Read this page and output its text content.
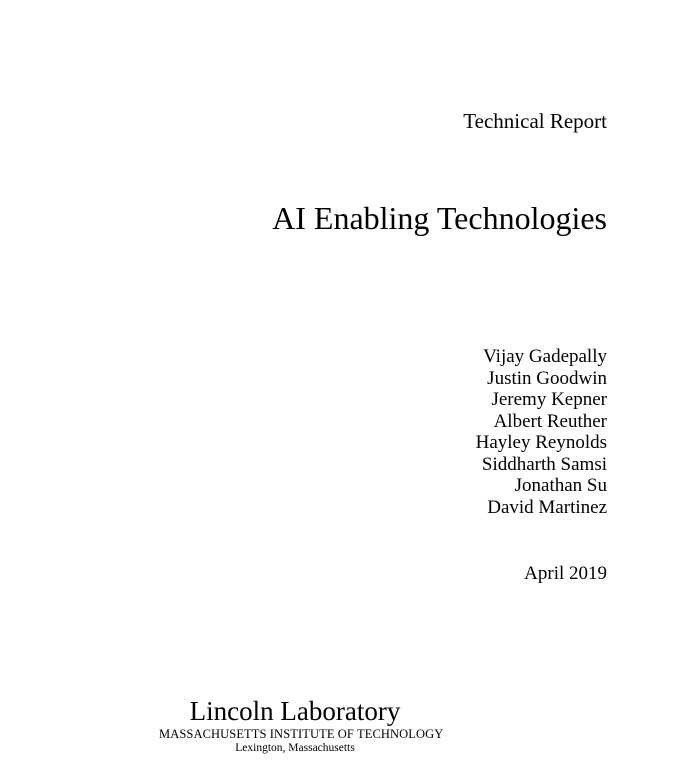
Technical Report
AI Enabling Technologies
Vijay Gadepally
Justin Goodwin
Jeremy Kepner
Albert Reuther
Hayley Reynolds
Siddharth Samsi
Jonathan Su
David Martinez
April 2019
Lincoln Laboratory
MASSACHUSETTS INSTITUTE OF TECHNOLOGY
Lexington, Massachusetts
